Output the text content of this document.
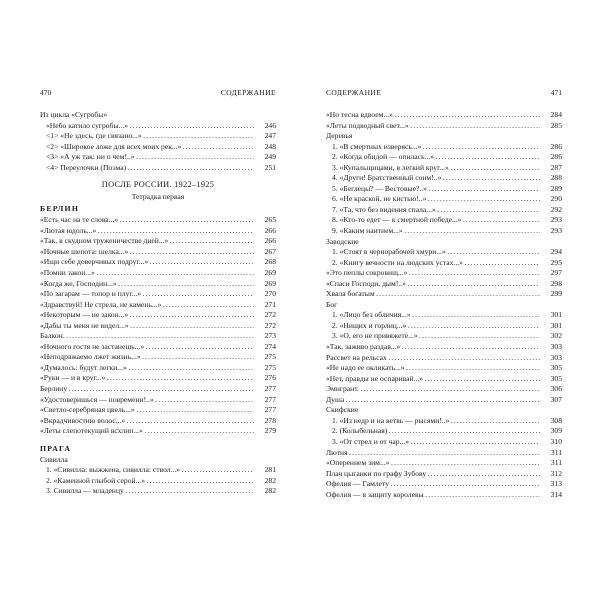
470	СОДЕРЖАНИЕ
Из цикла «Сугробы»
«Небо катило сугробы...» . . .	246
<1> «Не здесь, где связано...» . . .	247
<2> «Широкое ложе для всех моих рек...» . . .	248
<3> «А уж так: ни о чем!..» . . .	249
<4> Переулочки (Поэма) . . .	251
ПОСЛЕ РОССИИ. 1922–1925
Тетрадка первая
БЕРЛИН
«Есть час на те слова...» . . .	265
«Лютая юдоль...» . . .	266
«Так, в скудном труженичестве дней...» . . .	266
«Ночные шепота: шелка...» . . .	267
«Ищи себе доверчивых подруг...» . . .	268
«Помни закон...» . . .	269
«Когда же, Господин...» . . .	269
«По загарам — топор и плуг...» . . .	270
«Здравствуй! Не стрела, не камень...» . . .	271
«Некоторым — не закон...» . . .	272
«Дабы ты меня не видел...» . . .	272
Балкон. . . .	273
«Ночного гостя не застанешь...» . . .	274
«Неподражаемо лжет жизнь...» . . .	275
«Думалось: будут легки...» . . .	275
«Руки — и в круг...» . . .	276
Берлину . . .	277
«Удостоверишься — повремени!..» . . .	277
«Светло-серебряная цвель...» . . .	277
«Вкрадчивостию волос...» . . .	278
«Леты слепотекущий всхлип...» . . .	279
ПРАГА
Сивилла
1. «Сивилла: выжжена, сивилла: ствол...» . . .	281
2. «Каменной глыбой серой...» . . .	282
3. Сивилла — младенцу . . .	282
СОДЕРЖАНИЕ	471
«Но тесна вдвоем...» . . .	284
«Леты подводный свет...» . . .	285
Деревья
1. «В смертных изверясь...» . . .	286
2. «Когда обидой — опилась...» . . .	286
3. «Купальщицами, в легкий круг...» . . .	287
4. «Други! Братственный сонм!..» . . .	288
5. «Беглецы? — Вестовые?..» . . .	289
6. «Не краской, не кистью!..» . . .	290
7. «Та, что без видения спала...» . . .	292
8. «Кто-то едет — к смертной победе...» . . .	293
9. «Каким наитием...» . . .	293
Заводские
1. «Стоят в чернорабочей хмури...» . . .	294
2. «Книгу вечности на людских устах...» . . .	295
«Это пеплы сокровищ...» . . .	297
«Спаси Господи, дым!..» . . .	298
Хвала богатым . . .	299
Бог
1. «Лицо без обличия...» . . .	301
2. «Нищих и горлиц...» . . .	301
3. «О, его не привяжете...» . . .	302
«Так, заживо раздав...» . . .	303
Рассвет на рельсах . . .	303
«Не надо ее окликать...» . . .	305
«Нет, правды не оспаривай...» . . .	305
Эмигрант. . . .	306
Душа . . .	307
Скифские
1. «Из недр и на ветвь — рысями!..» . . .	308
2. (Колыбельная) . . .	309
3. «От стрел и от чар...» . . .	310
Лютня . . .	311
«Оперением зим...» . . .	311
Плач цыганки по графу Зубову . . .	312
Офелия — Гамлету . . .	313
Офелия — в защиту королевы . . .	314
